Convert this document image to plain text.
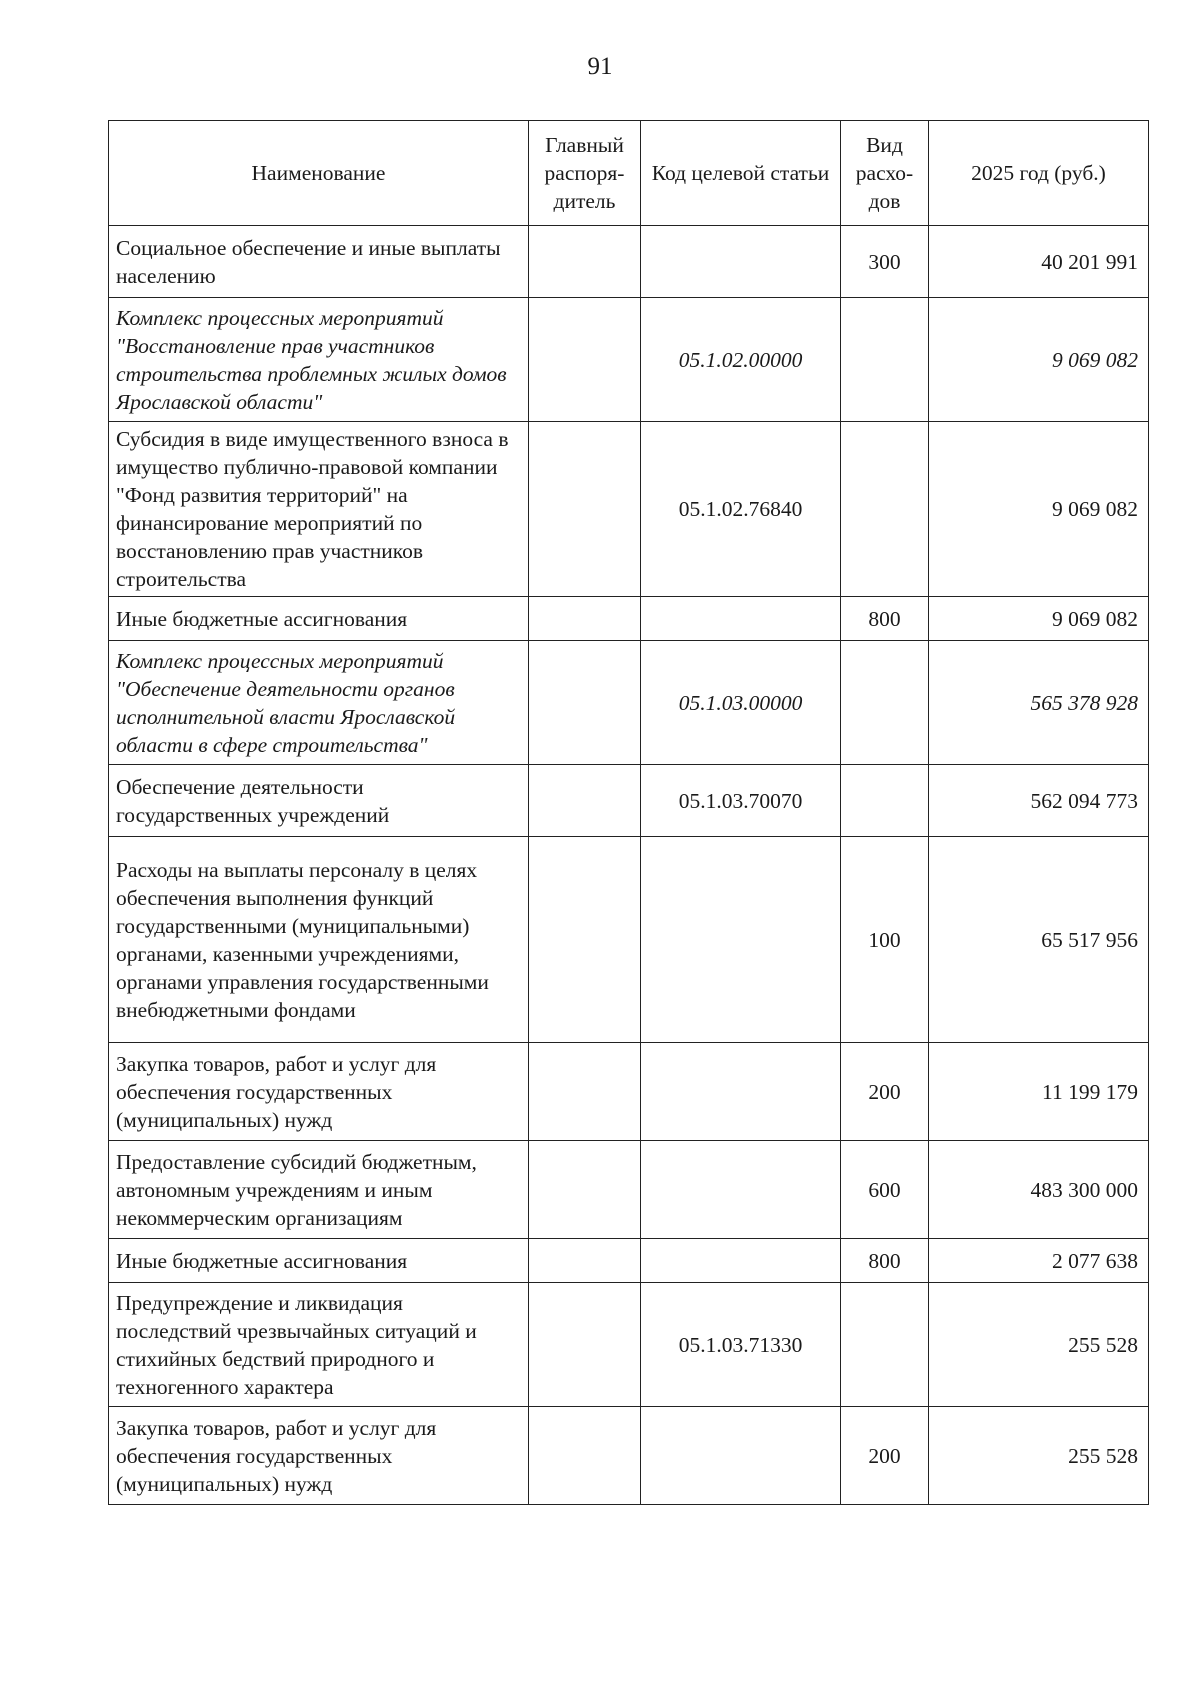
91
Наименование	Главный распоря-дитель	Код целевой статьи	Вид расхо-дов	2025 год (руб.)
Социальное обеспечение и иные выплаты населению			300	40 201 991
Комплекс процессных мероприятий "Восстановление прав участников строительства проблемных жилых домов Ярославской области"		05.1.02.00000		9 069 082
Субсидия в виде имущественного взноса в имущество публично-правовой компании "Фонд развития территорий" на финансирование мероприятий по восстановлению прав участников строительства		05.1.02.76840		9 069 082
Иные бюджетные ассигнования			800	9 069 082
Комплекс процессных мероприятий "Обеспечение деятельности органов исполнительной власти Ярославской области в сфере строительства"		05.1.03.00000		565 378 928
Обеспечение деятельности государственных учреждений		05.1.03.70070		562 094 773
Расходы на выплаты персоналу в целях обеспечения выполнения функций государственными (муниципальными) органами, казенными учреждениями, органами управления государственными внебюджетными фондами			100	65 517 956
Закупка товаров, работ и услуг для обеспечения государственных (муниципальных) нужд			200	11 199 179
Предоставление субсидий бюджетным, автономным учреждениям и иным некоммерческим организациям			600	483 300 000
Иные бюджетные ассигнования			800	2 077 638
Предупреждение и ликвидация последствий чрезвычайных ситуаций и стихийных бедствий природного и техногенного характера		05.1.03.71330		255 528
Закупка товаров, работ и услуг для обеспечения государственных (муниципальных) нужд			200	255 528
